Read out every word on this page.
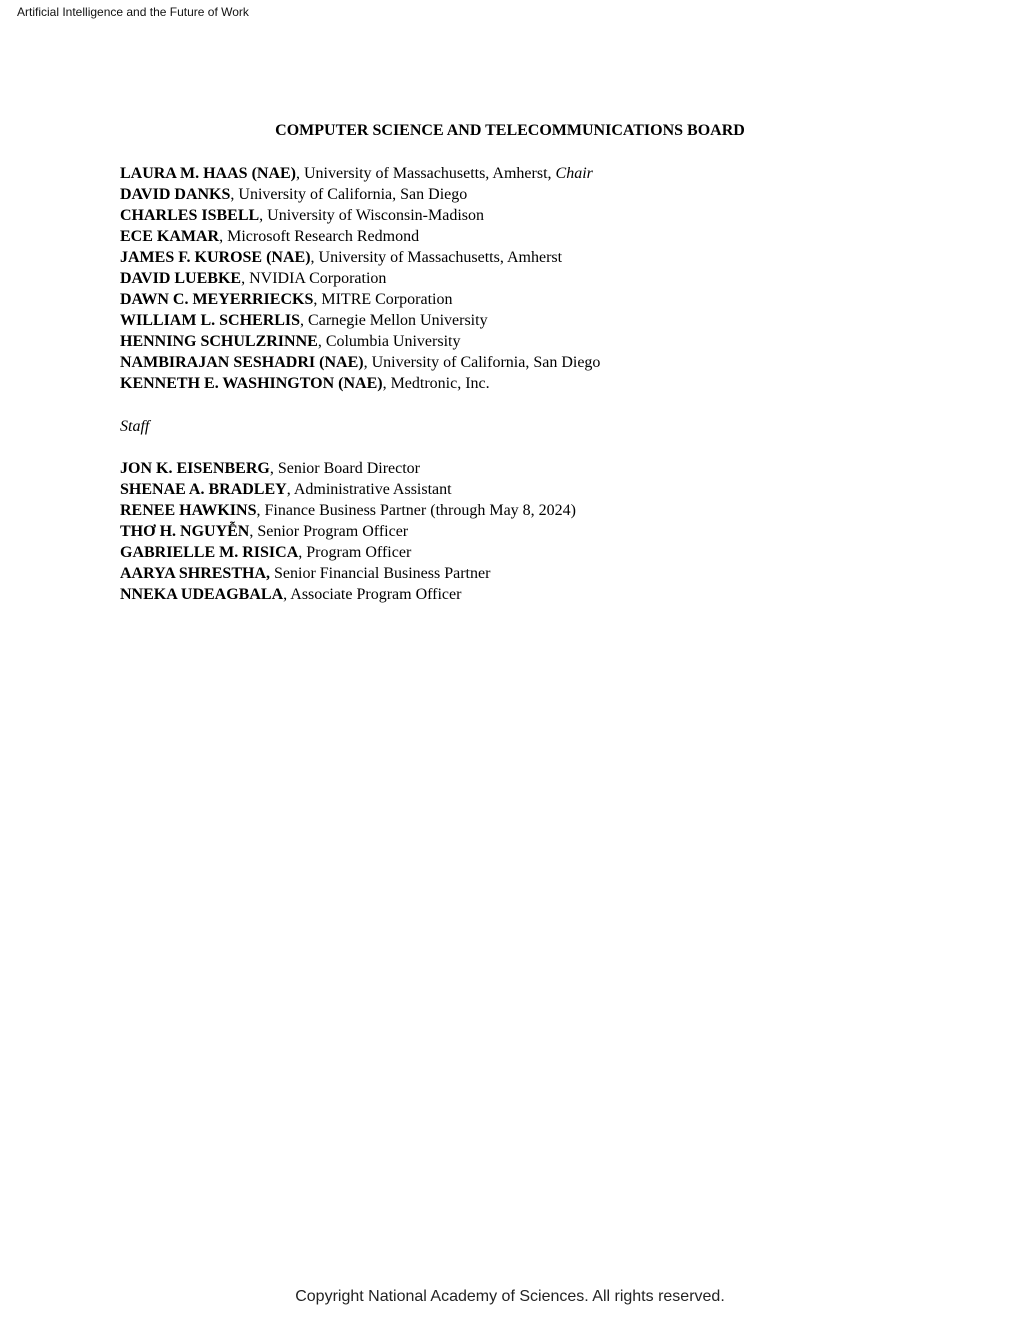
Artificial Intelligence and the Future of Work
COMPUTER SCIENCE AND TELECOMMUNICATIONS BOARD
LAURA M. HAAS (NAE), University of Massachusetts, Amherst, Chair
DAVID DANKS, University of California, San Diego
CHARLES ISBELL, University of Wisconsin-Madison
ECE KAMAR, Microsoft Research Redmond
JAMES F. KUROSE (NAE), University of Massachusetts, Amherst
DAVID LUEBKE, NVIDIA Corporation
DAWN C. MEYERRIECKS, MITRE Corporation
WILLIAM L. SCHERLIS, Carnegie Mellon University
HENNING SCHULZRINNE, Columbia University
NAMBIRAJAN SESHADRI (NAE), University of California, San Diego
KENNETH E. WASHINGTON (NAE), Medtronic, Inc.
Staff
JON K. EISENBERG, Senior Board Director
SHENAE A. BRADLEY, Administrative Assistant
RENEE HAWKINS, Finance Business Partner (through May 8, 2024)
THƠ H. NGUYỄN, Senior Program Officer
GABRIELLE M. RISICA, Program Officer
AARYA SHRESTHA, Senior Financial Business Partner
NNEKA UDEAGBALA, Associate Program Officer
Copyright National Academy of Sciences. All rights reserved.
